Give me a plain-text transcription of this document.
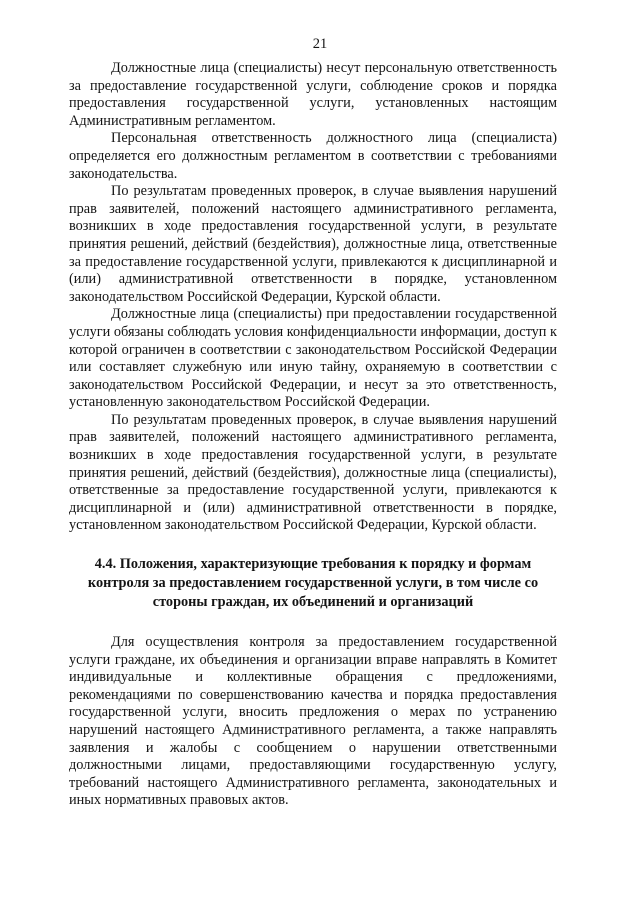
21

Должностные лица (специалисты) несут персональную ответственность за предоставление государственной услуги, соблюдение сроков и порядка предоставления государственной услуги, установленных настоящим Административным регламентом.

Персональная ответственность должностного лица (специалиста) определяется его должностным регламентом в соответствии с требованиями законодательства.

По результатам проведенных проверок, в случае выявления нарушений прав заявителей, положений настоящего административного регламента, возникших в ходе предоставления государственной услуги, в результате принятия решений, действий (бездействия), должностные лица, ответственные за предоставление государственной услуги, привлекаются к дисциплинарной и (или) административной ответственности в порядке, установленном законодательством Российской Федерации, Курской области.

Должностные лица (специалисты) при предоставлении государственной услуги обязаны соблюдать условия конфиденциальности информации, доступ к которой ограничен в соответствии с законодательством Российской Федерации или составляет служебную или иную тайну, охраняемую в соответствии с законодательством Российской Федерации, и несут за это ответственность, установленную законодательством Российской Федерации.

По результатам проведенных проверок, в случае выявления нарушений прав заявителей, положений настоящего административного регламента, возникших в ходе предоставления государственной услуги, в результате принятия решений, действий (бездействия), должностные лица (специалисты), ответственные за предоставление государственной услуги, привлекаются к дисциплинарной и (или) административной ответственности в порядке, установленном законодательством Российской Федерации, Курской области.

4.4. Положения, характеризующие требования к порядку и формам контроля за предоставлением государственной услуги, в том числе со стороны граждан, их объединений и организаций

Для осуществления контроля за предоставлением государственной услуги граждане, их объединения и организации вправе направлять в Комитет индивидуальные и коллективные обращения с предложениями, рекомендациями по совершенствованию качества и порядка предоставления государственной услуги, вносить предложения о мерах по устранению нарушений настоящего Административного регламента, а также направлять заявления и жалобы с сообщением о нарушении ответственными должностными лицами, предоставляющими государственную услугу, требований настоящего Административного регламента, законодательных и иных нормативных правовых актов.
